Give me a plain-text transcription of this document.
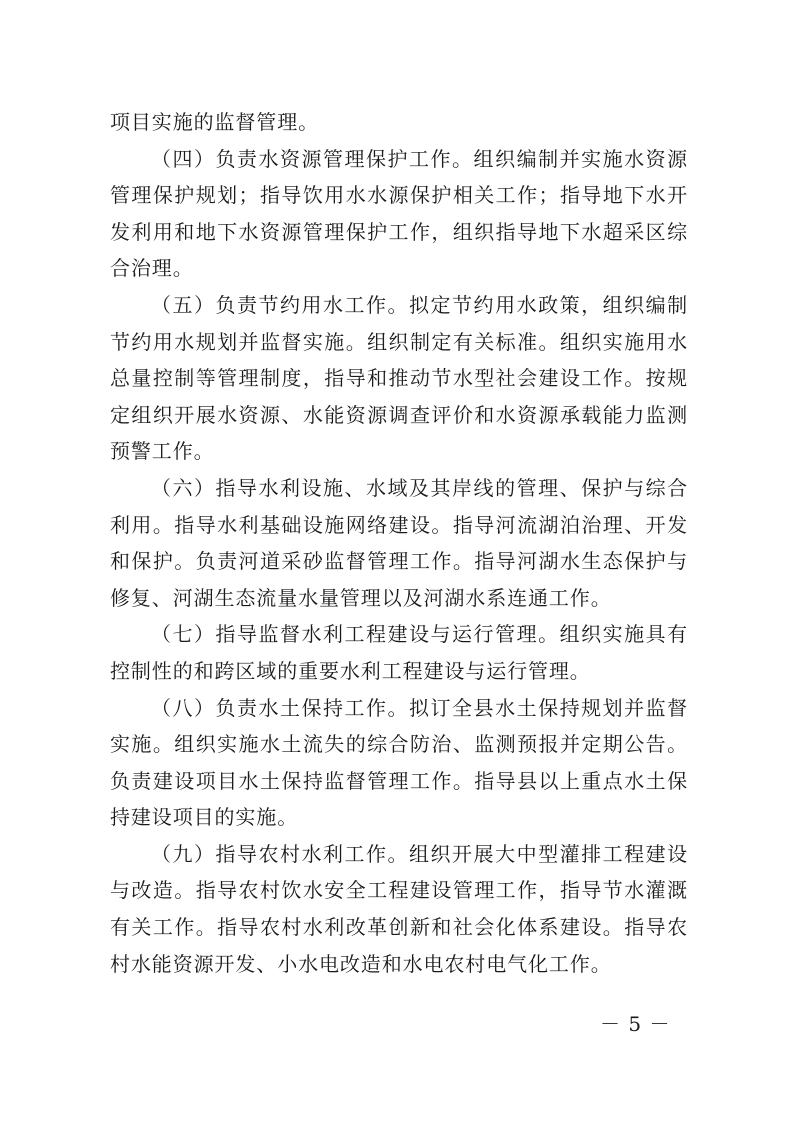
项目实施的监督管理。

（四）负责水资源管理保护工作。组织编制并实施水资源管理保护规划；指导饮用水水源保护相关工作；指导地下水开发利用和地下水资源管理保护工作，组织指导地下水超采区综合治理。

（五）负责节约用水工作。拟定节约用水政策，组织编制节约用水规划并监督实施。组织制定有关标准。组织实施用水总量控制等管理制度，指导和推动节水型社会建设工作。按规定组织开展水资源、水能资源调查评价和水资源承载能力监测预警工作。

（六）指导水利设施、水域及其岸线的管理、保护与综合利用。指导水利基础设施网络建设。指导河流湖泊治理、开发和保护。负责河道采砂监督管理工作。指导河湖水生态保护与修复、河湖生态流量水量管理以及河湖水系连通工作。

（七）指导监督水利工程建设与运行管理。组织实施具有控制性的和跨区域的重要水利工程建设与运行管理。

（八）负责水土保持工作。拟订全县水土保持规划并监督实施。组织实施水土流失的综合防治、监测预报并定期公告。负责建设项目水土保持监督管理工作。指导县以上重点水土保持建设项目的实施。

（九）指导农村水利工作。组织开展大中型灌排工程建设与改造。指导农村饮水安全工程建设管理工作，指导节水灌溉有关工作。指导农村水利改革创新和社会化体系建设。指导农村水能资源开发、小水电改造和水电农村电气化工作。

－ 5 －
